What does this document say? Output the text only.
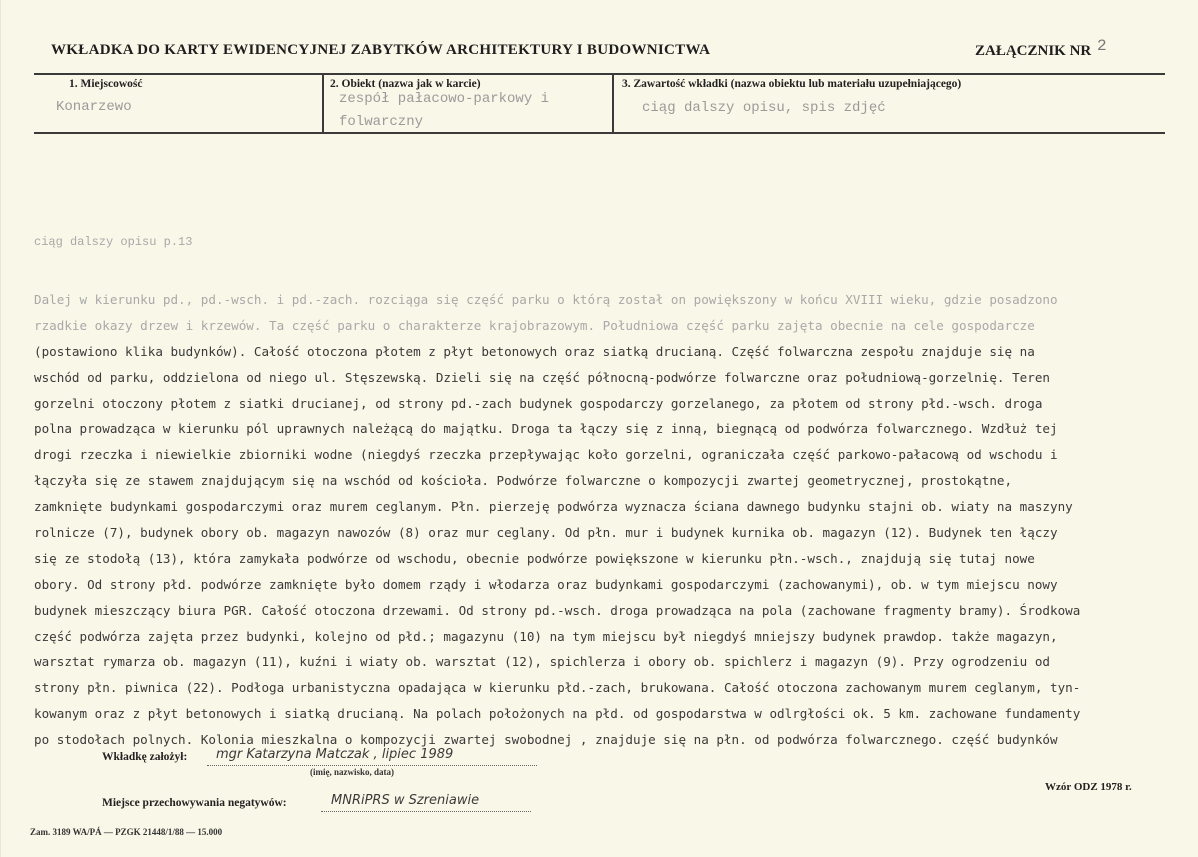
WKŁADKA DO KARTY EWIDENCYJNEJ ZABYTKÓW ARCHITEKTURY I BUDOWNICTWA	ZAŁĄCZNIK NR 2
1. Miejscowość
Konarzewo
2. Obiekt (nazwa jak w karcie)
zespół pałacowo-parkowy i
folwarczny
3. Zawartość wkładki (nazwa obiektu lub materiału uzupełniającego)
ciąg dalszy opisu, spis zdjęć
ciąg dalszy opisu p.13
Dalej w kierunku pd., pd.-wsch. i pd.-zach. rozciąga się część parku o którą został on powiększony w końcu XVIII wieku, gdzie posadzono
rzadkie okazy drzew i krzewów. Ta część parku o charakterze krajobrazowym. Południowa część parku zajęta obecnie na cele gospodarcze
(postawiono klika budynków). Całość otoczona płotem z płyt betonowych oraz siatką drucianą. Część folwarczna zespołu znajduje się na
wschód od parku, oddzielona od niego ul. Stęszewską. Dzieli się na część północną-podwórze folwarczne oraz południową-gorzelnię. Teren
gorzelni otoczony płotem z siatki drucianej, od strony pd.-zach budynek gospodarczy gorzelanego, za płotem od strony płd.-wsch. droga
polna prowadząca w kierunku pól uprawnych należącą do majątku. Droga ta łączy się z inną, biegnącą od podwórza folwarcznego. Wzdłuż tej
drogi rzeczka i niewielkie zbiorniki wodne (niegdyś rzeczka przepływając koło gorzelni, ograniczała część parkowo-pałacową od wschodu i
łączyła się ze stawem znajdującym się na wschód od kościoła. Podwórze folwarczne o kompozycji zwartej geometrycznej, prostokątne,
zamknięte budynkami gospodarczymi oraz murem ceglanym. Płn. pierzeję podwórza wyznacza ściana dawnego budynku stajni ob. wiaty na maszyny
rolnicze (7), budynek obory ob. magazyn nawozów (8) oraz mur ceglany. Od płn. mur i budynek kurnika ob. magazyn (12). Budynek ten łączy
się ze stodołą (13), która zamykała podwórze od wschodu, obecnie podwórze powiększone w kierunku płn.-wsch., znajdują się tutaj nowe
obory. Od strony płd. podwórze zamknięte było domem rządy i włodarza oraz budynkami gospodarczymi (zachowanymi), ob. w tym miejscu nowy
budynek mieszczący biura PGR. Całość otoczona drzewami. Od strony pd.-wsch. droga prowadząca na pola (zachowane fragmenty bramy). Środkowa
część podwórza zajęta przez budynki, kolejno od płd.; magazynu (10) na tym miejscu był niegdyś mniejszy budynek prawdop. także magazyn,
warsztat rymarza ob. magazyn (11), kuźni i wiaty ob. warsztat (12), spichlerza i obory ob. spichlerz i magazyn (9). Przy ogrodzeniu od
strony płn. piwnica (22). Podłoga urbanistyczna opadająca w kierunku płd.-zach, brukowana. Całość otoczona zachowanym murem ceglanym, tyn-
kowanym oraz z płyt betonowych i siatką drucianą. Na polach położonych na płd. od gospodarstwa w odlrgłości ok. 5 km. zachowane fundamenty
po stodołach polnych. Kolonia mieszkalna o kompozycji zwartej swobodnej , znajduje się na płn. od podwórza folwarcznego. część budynków
Wkładkę założył: mgr Katarzyna Matczak , lipiec 1989
(imię, nazwisko, data)
Wzór ODZ 1978 r.
Miejsce przechowywania negatywów:	MNRiPRS w Szreniawie
Zam. 3189 WA/PÁ — PZGK 21448/1/88 — 15.000
